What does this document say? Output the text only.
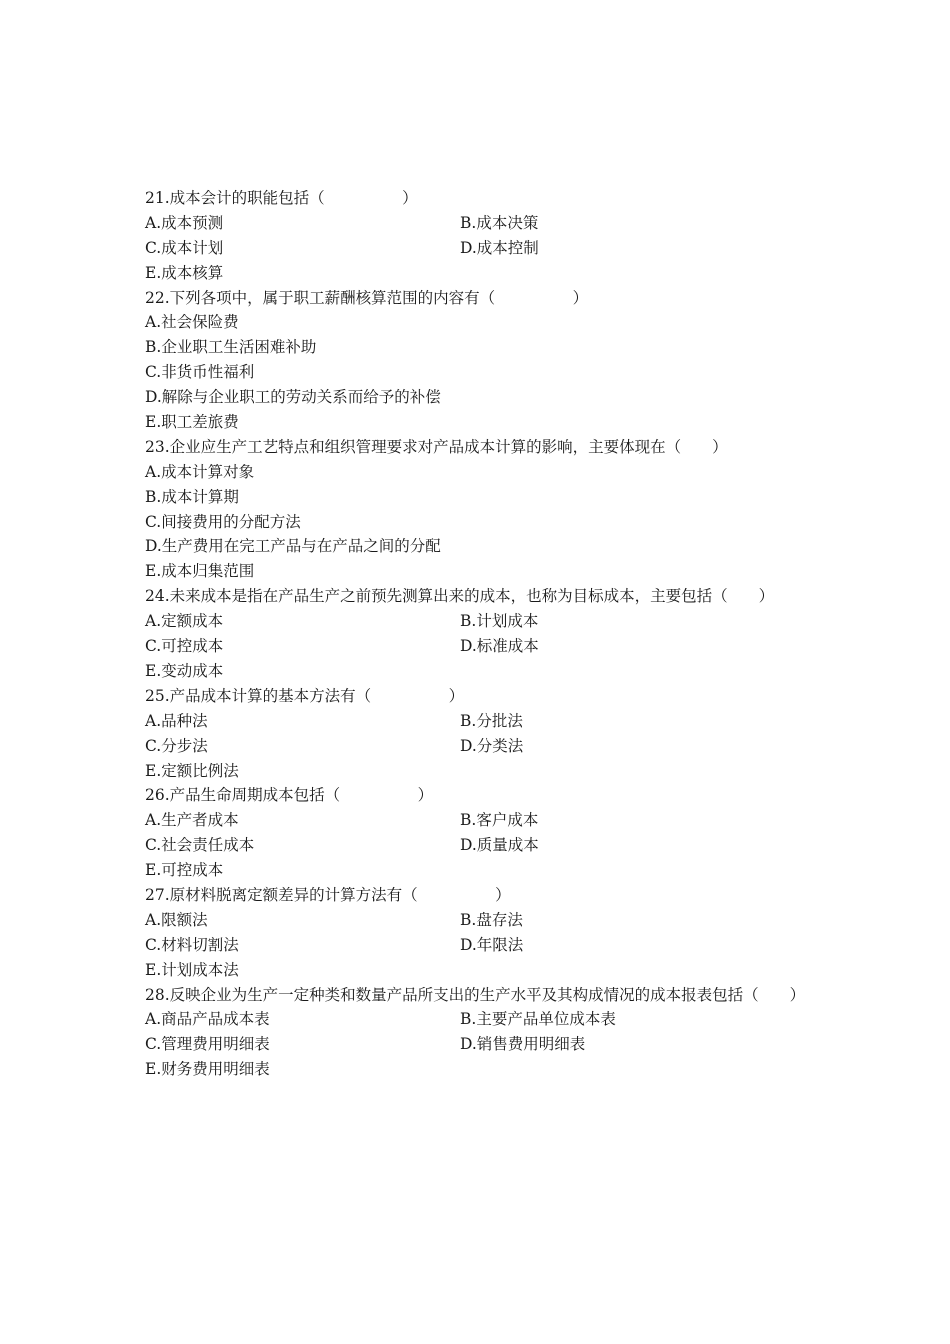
21.成本会计的职能包括（　　　　　）
A.成本预测	B.成本决策
C.成本计划	D.成本控制
E.成本核算
22.下列各项中，属于职工薪酬核算范围的内容有（　　　　　）
A.社会保险费
B.企业职工生活困难补助
C.非货币性福利
D.解除与企业职工的劳动关系而给予的补偿
E.职工差旅费
23.企业应生产工艺特点和组织管理要求对产品成本计算的影响，主要体现在（　　）
A.成本计算对象
B.成本计算期
C.间接费用的分配方法
D.生产费用在完工产品与在产品之间的分配
E.成本归集范围
24.未来成本是指在产品生产之前预先测算出来的成本，也称为目标成本，主要包括（　　）
A.定额成本	B.计划成本
C.可控成本	D.标准成本
E.变动成本
25.产品成本计算的基本方法有（　　　　　）
A.品种法	B.分批法
C.分步法	D.分类法
E.定额比例法
26.产品生命周期成本包括（　　　　　）
A.生产者成本	B.客户成本
C.社会责任成本	D.质量成本
E.可控成本
27.原材料脱离定额差异的计算方法有（　　　　　）
A.限额法	B.盘存法
C.材料切割法	D.年限法
E.计划成本法
28.反映企业为生产一定种类和数量产品所支出的生产水平及其构成情况的成本报表包括（　　）
A.商品产品成本表	B.主要产品单位成本表
C.管理费用明细表	D.销售费用明细表
E.财务费用明细表
